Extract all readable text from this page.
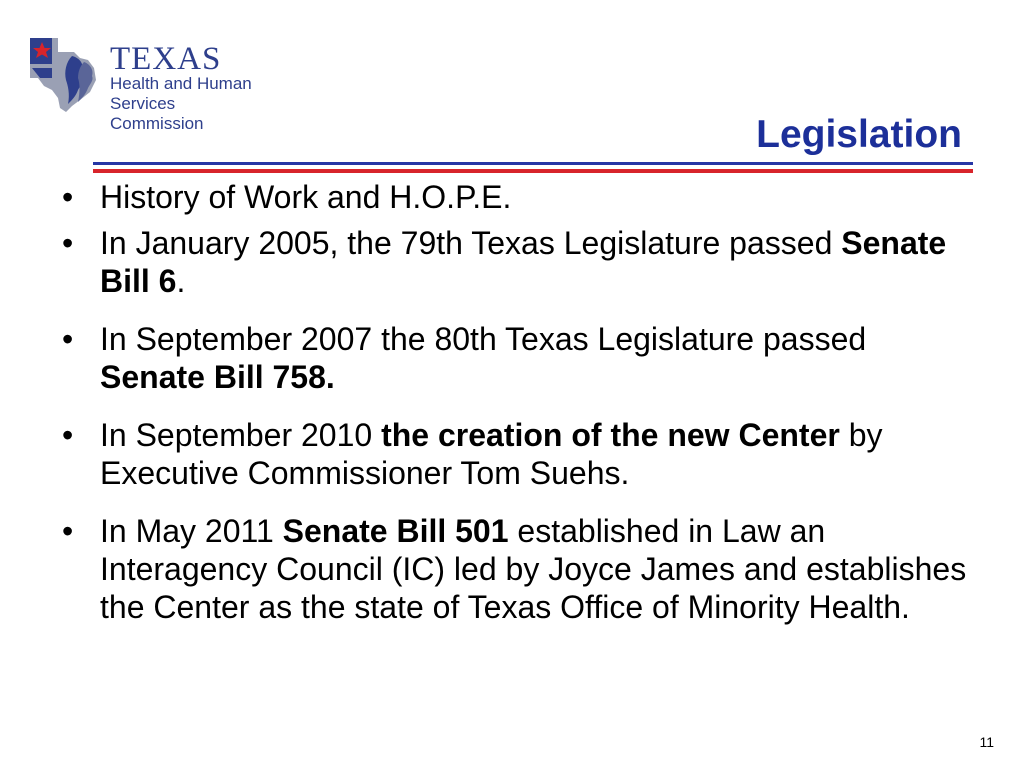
TEXAS
Health and Human
Services Commission	Legislation
• History of Work and H.O.P.E.
• In January 2005, the 79th Texas Legislature passed Senate Bill 6.
• In September 2007 the 80th Texas Legislature passed Senate Bill 758.
• In September 2010 the creation of the new Center by Executive Commissioner Tom Suehs.
• In May 2011 Senate Bill 501 established in Law an Interagency Council (IC) led by Joyce James and establishes the Center as the state of Texas Office of Minority Health.
11
